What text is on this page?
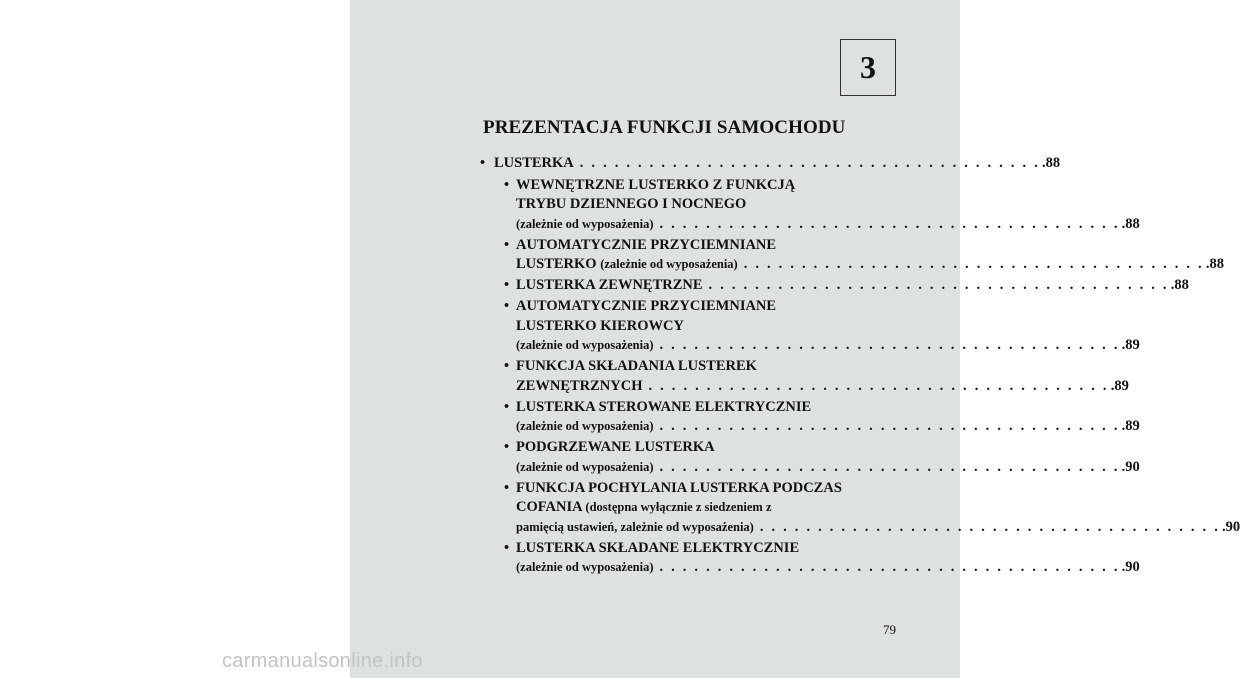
3
PREZENTACJA FUNKCJI SAMOCHODU
• LUSTERKA . . . . . . . . . . . . . . . . . . . . . . . . . . . . . . . . . . . . . . . . .88
• WEWNĘTRZNE LUSTERKO Z FUNKCJĄ
TRYBU DZIENNEGO I NOCNEGO
(zależnie od wyposażenia) . . . . . . . . . . . . . . . . . . . . . . . . . . . . . . . . . . . . . . . . .88
• AUTOMATYCZNIE PRZYCIEMNIANE
LUSTERKO (zależnie od wyposażenia) . . . . . . . . . . . . . . . . . . . . . . . . . . . . . . . . . . . . . . . . .88
• LUSTERKA ZEWNĘTRZNE . . . . . . . . . . . . . . . . . . . . . . . . . . . . . . . . . . . . . . . . .88
• AUTOMATYCZNIE PRZYCIEMNIANE
LUSTERKO KIEROWCY
(zależnie od wyposażenia) . . . . . . . . . . . . . . . . . . . . . . . . . . . . . . . . . . . . . . . . .89
• FUNKCJA SKŁADANIA LUSTEREK
ZEWNĘTRZNYCH . . . . . . . . . . . . . . . . . . . . . . . . . . . . . . . . . . . . . . . . .89
• LUSTERKA STEROWANE ELEKTRYCZNIE
(zależnie od wyposażenia) . . . . . . . . . . . . . . . . . . . . . . . . . . . . . . . . . . . . . . . . .89
• PODGRZEWANE LUSTERKA
(zależnie od wyposażenia) . . . . . . . . . . . . . . . . . . . . . . . . . . . . . . . . . . . . . . . . .90
• FUNKCJA POCHYLANIA LUSTERKA PODCZAS
COFANIA (dostępna wyłącznie z siedzeniem z
pamięcią ustawień, zależnie od wyposażenia) . . . . . . . . . . . . . . . . . . . . . . . . . . . . . . . . . . . . . . . . .90
• LUSTERKA SKŁADANE ELEKTRYCZNIE
(zależnie od wyposażenia) . . . . . . . . . . . . . . . . . . . . . . . . . . . . . . . . . . . . . . . . .90
79
carmanualsonline.info
